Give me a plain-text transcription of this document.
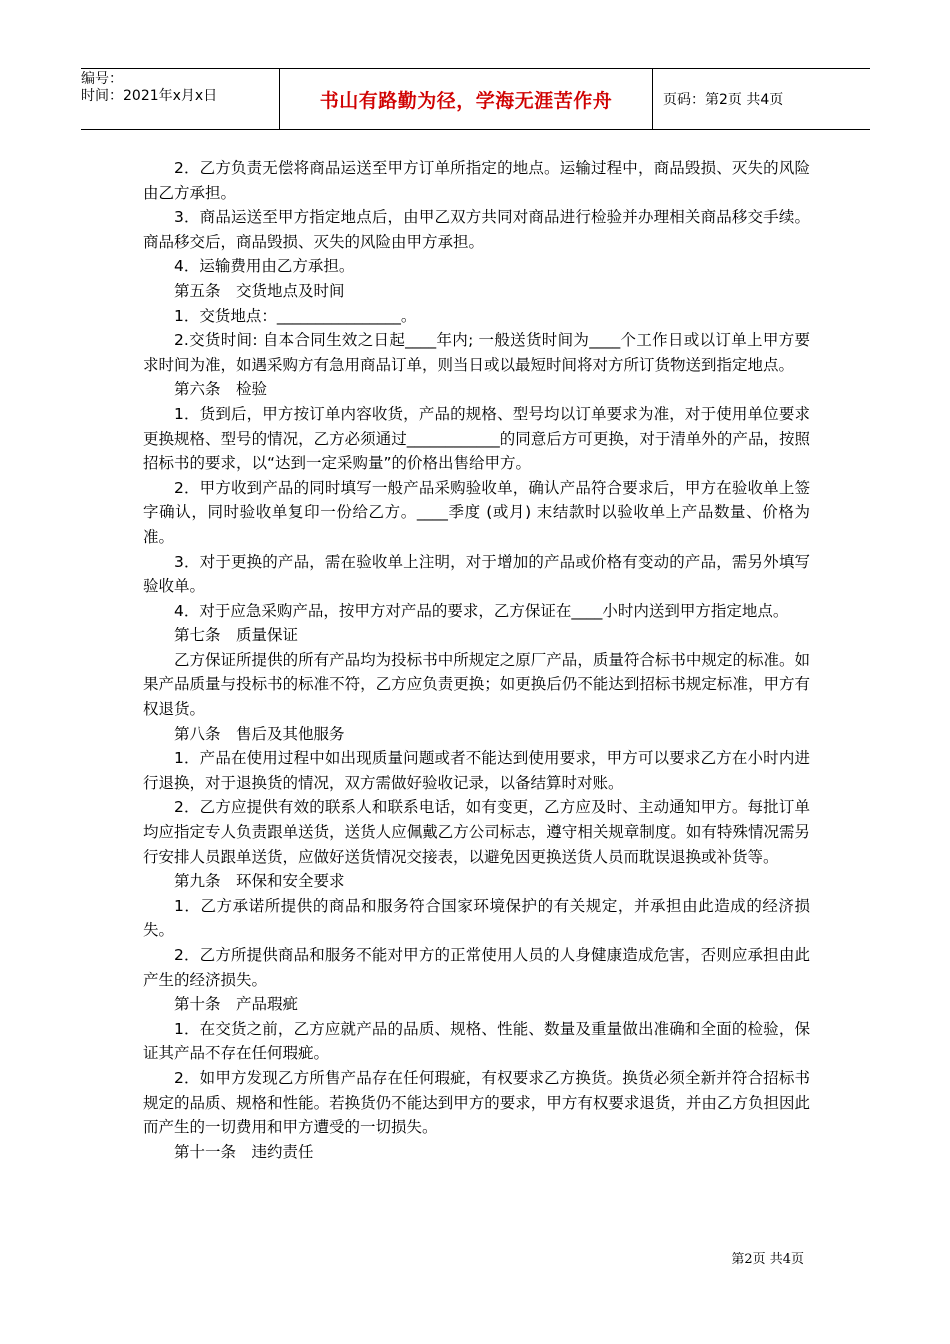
编号：
时间：2021年x月x日	书山有路勤为径，学海无涯苦作舟	页码：第2页 共4页

2．乙方负责无偿将商品运送至甲方订单所指定的地点。运输过程中，商品毁损、灭失的风险由乙方承担。

3．商品运送至甲方指定地点后，由甲乙双方共同对商品进行检验并办理相关商品移交手续。商品移交后，商品毁损、灭失的风险由甲方承担。

4．运输费用由乙方承担。

第五条　交货地点及时间

1．交货地点：________________。

2.交货时间: 自本合同生效之日起____年内; 一般送货时间为____个工作日或以订单上甲方要求时间为准，如遇采购方有急用商品订单，则当日或以最短时间将对方所订货物送到指定地点。

第六条　检验

1．货到后，甲方按订单内容收货，产品的规格、型号均以订单要求为准，对于使用单位要求更换规格、型号的情况，乙方必须通过____________的同意后方可更换，对于清单外的产品，按照招标书的要求，以“达到一定采购量”的价格出售给甲方。

2．甲方收到产品的同时填写一般产品采购验收单，确认产品符合要求后，甲方在验收单上签字确认，同时验收单复印一份给乙方。____季度 (或月) 末结款时以验收单上产品数量、价格为准。

3．对于更换的产品，需在验收单上注明，对于增加的产品或价格有变动的产品，需另外填写验收单。

4．对于应急采购产品，按甲方对产品的要求，乙方保证在____小时内送到甲方指定地点。

第七条　质量保证

乙方保证所提供的所有产品均为投标书中所规定之原厂产品，质量符合标书中规定的标准。如果产品质量与投标书的标准不符，乙方应负责更换；如更换后仍不能达到招标书规定标准，甲方有权退货。

第八条　售后及其他服务

1．产品在使用过程中如出现质量问题或者不能达到使用要求，甲方可以要求乙方在小时内进行退换，对于退换货的情况，双方需做好验收记录，以备结算时对账。

2．乙方应提供有效的联系人和联系电话，如有变更，乙方应及时、主动通知甲方。每批订单均应指定专人负责跟单送货，送货人应佩戴乙方公司标志，遵守相关规章制度。如有特殊情况需另行安排人员跟单送货，应做好送货情况交接表，以避免因更换送货人员而耽误退换或补货等。

第九条　环保和安全要求

1．乙方承诺所提供的商品和服务符合国家环境保护的有关规定，并承担由此造成的经济损失。

2．乙方所提供商品和服务不能对甲方的正常使用人员的人身健康造成危害，否则应承担由此产生的经济损失。

第十条　产品瑕疵

1．在交货之前，乙方应就产品的品质、规格、性能、数量及重量做出准确和全面的检验，保证其产品不存在任何瑕疵。

2．如甲方发现乙方所售产品存在任何瑕疵，有权要求乙方换货。换货必须全新并符合招标书规定的品质、规格和性能。若换货仍不能达到甲方的要求，甲方有权要求退货，并由乙方负担因此而产生的一切费用和甲方遭受的一切损失。

第十一条　违约责任

第2页 共4页
